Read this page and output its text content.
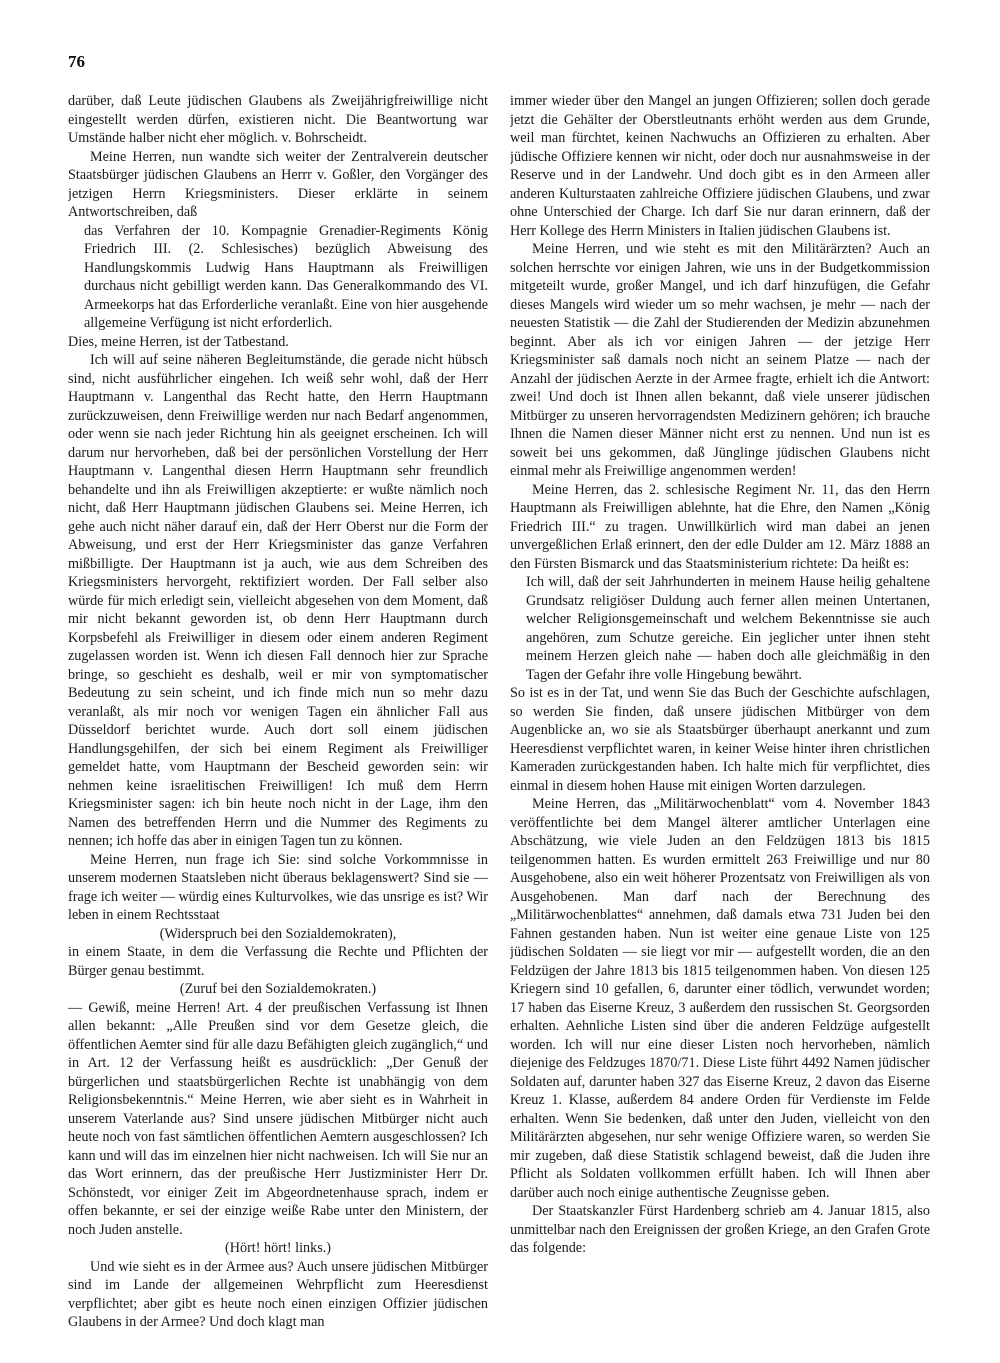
76

darüber, daß Leute jüdischen Glaubens als Zweijährigfreiwillige nicht eingestellt werden dürfen, existieren nicht. Die Beantwortung war Umstände halber nicht eher möglich. v. Bohrscheidt.

Meine Herren, nun wandte sich weiter der Zentralverein deutscher Staatsbürger jüdischen Glaubens an Herrr v. Goßler, den Vorgänger des jetzigen Herrn Kriegsministers. Dieser erklärte in seinem Antwortschreiben, daß

das Verfahren der 10. Kompagnie Grenadier-Regiments König Friedrich III. (2. Schlesisches) bezüglich Abweisung des Handlungskommis Ludwig Hans Hauptmann als Freiwilligen durchaus nicht gebilligt werden kann. Das Generalkommando des VI. Armeekorps hat das Erforderliche veranlaßt. Eine von hier ausgehende allgemeine Verfügung ist nicht erforderlich.

Dies, meine Herren, ist der Tatbestand.

Ich will auf seine näheren Begleitumstände, die gerade nicht hübsch sind, nicht ausführlicher eingehen. Ich weiß sehr wohl, daß der Herr Hauptmann v. Langenthal das Recht hatte, den Herrn Hauptmann zurückzuweisen, denn Freiwillige werden nur nach Bedarf angenommen, oder wenn sie nach jeder Richtung hin als geeignet erscheinen. Ich will darum nur hervorheben, daß bei der persönlichen Vorstellung der Herr Hauptmann v. Langenthal diesen Herrn Hauptmann sehr freundlich behandelte und ihn als Freiwilligen akzeptierte: er wußte nämlich noch nicht, daß Herr Hauptmann jüdischen Glaubens sei. Meine Herren, ich gehe auch nicht näher darauf ein, daß der Herr Oberst nur die Form der Abweisung, und erst der Herr Kriegsminister das ganze Verfahren mißbilligte. Der Hauptmann ist ja auch, wie aus dem Schreiben des Kriegsministers hervorgeht, rektifiziert worden. Der Fall selber also würde für mich erledigt sein, vielleicht abgesehen von dem Moment, daß mir nicht bekannt geworden ist, ob denn Herr Hauptmann durch Korpsbefehl als Freiwilliger in diesem oder einem anderen Regiment zugelassen worden ist. Wenn ich diesen Fall dennoch hier zur Sprache bringe, so geschieht es deshalb, weil er mir von symptomatischer Bedeutung zu sein scheint, und ich finde mich nun so mehr dazu veranlaßt, als mir noch vor wenigen Tagen ein ähnlicher Fall aus Düsseldorf berichtet wurde. Auch dort soll einem jüdischen Handlungsgehilfen, der sich bei einem Regiment als Freiwilliger gemeldet hatte, vom Hauptmann der Bescheid geworden sein: wir nehmen keine israelitischen Freiwilligen! Ich muß dem Herrn Kriegsminister sagen: ich bin heute noch nicht in der Lage, ihm den Namen des betreffenden Herrn und die Nummer des Regiments zu nennen; ich hoffe das aber in einigen Tagen tun zu können.

Meine Herren, nun frage ich Sie: sind solche Vorkommnisse in unserem modernen Staatsleben nicht überaus beklagenswert? Sind sie — frage ich weiter — würdig eines Kulturvolkes, wie das unsrige es ist? Wir leben in einem Rechtsstaat

(Widerspruch bei den Sozialdemokraten),

in einem Staate, in dem die Verfassung die Rechte und Pflichten der Bürger genau bestimmt.

(Zuruf bei den Sozialdemokraten.)

— Gewiß, meine Herren! Art. 4 der preußischen Verfassung ist Ihnen allen bekannt: „Alle Preußen sind vor dem Gesetze gleich, die öffentlichen Aemter sind für alle dazu Befähigten gleich zugänglich,“ und in Art. 12 der Verfassung heißt es ausdrücklich: „Der Genuß der bürgerlichen und staatsbürgerlichen Rechte ist unabhängig von dem Religionsbekenntnis.“ Meine Herren, wie aber sieht es in Wahrheit in unserem Vaterlande aus? Sind unsere jüdischen Mitbürger nicht auch heute noch von fast sämtlichen öffentlichen Aemtern ausgeschlossen? Ich kann und will das im einzelnen hier nicht nachweisen. Ich will Sie nur an das Wort erinnern, das der preußische Herr Justizminister Herr Dr. Schönstedt, vor einiger Zeit im Abgeordnetenhause sprach, indem er offen bekannte, er sei der einzige weiße Rabe unter den Ministern, der noch Juden anstelle.

(Hört! hört! links.)

Und wie sieht es in der Armee aus? Auch unsere jüdischen Mitbürger sind im Lande der allgemeinen Wehrpflicht zum Heeresdienst verpflichtet; aber gibt es heute noch einen einzigen Offizier jüdischen Glaubens in der Armee? Und doch klagt man

immer wieder über den Mangel an jungen Offizieren; sollen doch gerade jetzt die Gehälter der Oberstleutnants erhöht werden aus dem Grunde, weil man fürchtet, keinen Nachwuchs an Offizieren zu erhalten. Aber jüdische Offiziere kennen wir nicht, oder doch nur ausnahmsweise in der Reserve und in der Landwehr. Und doch gibt es in den Armeen aller anderen Kulturstaaten zahlreiche Offiziere jüdischen Glaubens, und zwar ohne Unterschied der Charge. Ich darf Sie nur daran erinnern, daß der Herr Kollege des Herrn Ministers in Italien jüdischen Glaubens ist.

Meine Herren, und wie steht es mit den Militärärzten? Auch an solchen herrschte vor einigen Jahren, wie uns in der Budgetkommission mitgeteilt wurde, großer Mangel, und ich darf hinzufügen, die Gefahr dieses Mangels wird wieder um so mehr wachsen, je mehr — nach der neuesten Statistik — die Zahl der Studierenden der Medizin abzunehmen beginnt. Aber als ich vor einigen Jahren — der jetzige Herr Kriegsminister saß damals noch nicht an seinem Platze — nach der Anzahl der jüdischen Aerzte in der Armee fragte, erhielt ich die Antwort: zwei! Und doch ist Ihnen allen bekannt, daß viele unserer jüdischen Mitbürger zu unseren hervorragendsten Medizinern gehören; ich brauche Ihnen die Namen dieser Männer nicht erst zu nennen. Und nun ist es soweit bei uns gekommen, daß Jünglinge jüdischen Glaubens nicht einmal mehr als Freiwillige angenommen werden!

Meine Herren, das 2. schlesische Regiment Nr. 11, das den Herrn Hauptmann als Freiwilligen ablehnte, hat die Ehre, den Namen „König Friedrich III.“ zu tragen. Unwillkürlich wird man dabei an jenen unvergeßlichen Erlaß erinnert, den der edle Dulder am 12. März 1888 an den Fürsten Bismarck und das Staatsministerium richtete: Da heißt es:

Ich will, daß der seit Jahrhunderten in meinem Hause heilig gehaltene Grundsatz religiöser Duldung auch ferner allen meinen Untertanen, welcher Religionsgemeinschaft und welchem Bekenntnisse sie auch angehören, zum Schutze gereiche. Ein jeglicher unter ihnen steht meinem Herzen gleich nahe — haben doch alle gleichmäßig in den Tagen der Gefahr ihre volle Hingebung bewährt.

So ist es in der Tat, und wenn Sie das Buch der Geschichte aufschlagen, so werden Sie finden, daß unsere jüdischen Mitbürger von dem Augenblicke an, wo sie als Staatsbürger überhaupt anerkannt und zum Heeresdienst verpflichtet waren, in keiner Weise hinter ihren christlichen Kameraden zurückgestanden haben. Ich halte mich für verpflichtet, dies einmal in diesem hohen Hause mit einigen Worten darzulegen.

Meine Herren, das „Militärwochenblatt“ vom 4. November 1843 veröffentlichte bei dem Mangel älterer amtlicher Unterlagen eine Abschätzung, wie viele Juden an den Feldzügen 1813 bis 1815 teilgenommen hatten. Es wurden ermittelt 263 Freiwillige und nur 80 Ausgehobene, also ein weit höherer Prozentsatz von Freiwilligen als von Ausgehobenen. Man darf nach der Berechnung des „Militärwochenblattes“ annehmen, daß damals etwa 731 Juden bei den Fahnen gestanden haben. Nun ist weiter eine genaue Liste von 125 jüdischen Soldaten — sie liegt vor mir — aufgestellt worden, die an den Feldzügen der Jahre 1813 bis 1815 teilgenommen haben. Von diesen 125 Kriegern sind 10 gefallen, 6, darunter einer tödlich, verwundet worden; 17 haben das Eiserne Kreuz, 3 außerdem den russischen St. Georgsorden erhalten. Aehnliche Listen sind über die anderen Feldzüge aufgestellt worden. Ich will nur eine dieser Listen noch hervorheben, nämlich diejenige des Feldzuges 1870/71. Diese Liste führt 4492 Namen jüdischer Soldaten auf, darunter haben 327 das Eiserne Kreuz, 2 davon das Eiserne Kreuz 1. Klasse, außerdem 84 andere Orden für Verdienste im Felde erhalten. Wenn Sie bedenken, daß unter den Juden, vielleicht von den Militärärzten abgesehen, nur sehr wenige Offiziere waren, so werden Sie mir zugeben, daß diese Statistik schlagend beweist, daß die Juden ihre Pflicht als Soldaten vollkommen erfüllt haben. Ich will Ihnen aber darüber auch noch einige authentische Zeugnisse geben.

Der Staatskanzler Fürst Hardenberg schrieb am 4. Januar 1815, also unmittelbar nach den Ereignissen der großen Kriege, an den Grafen Grote das folgende:
